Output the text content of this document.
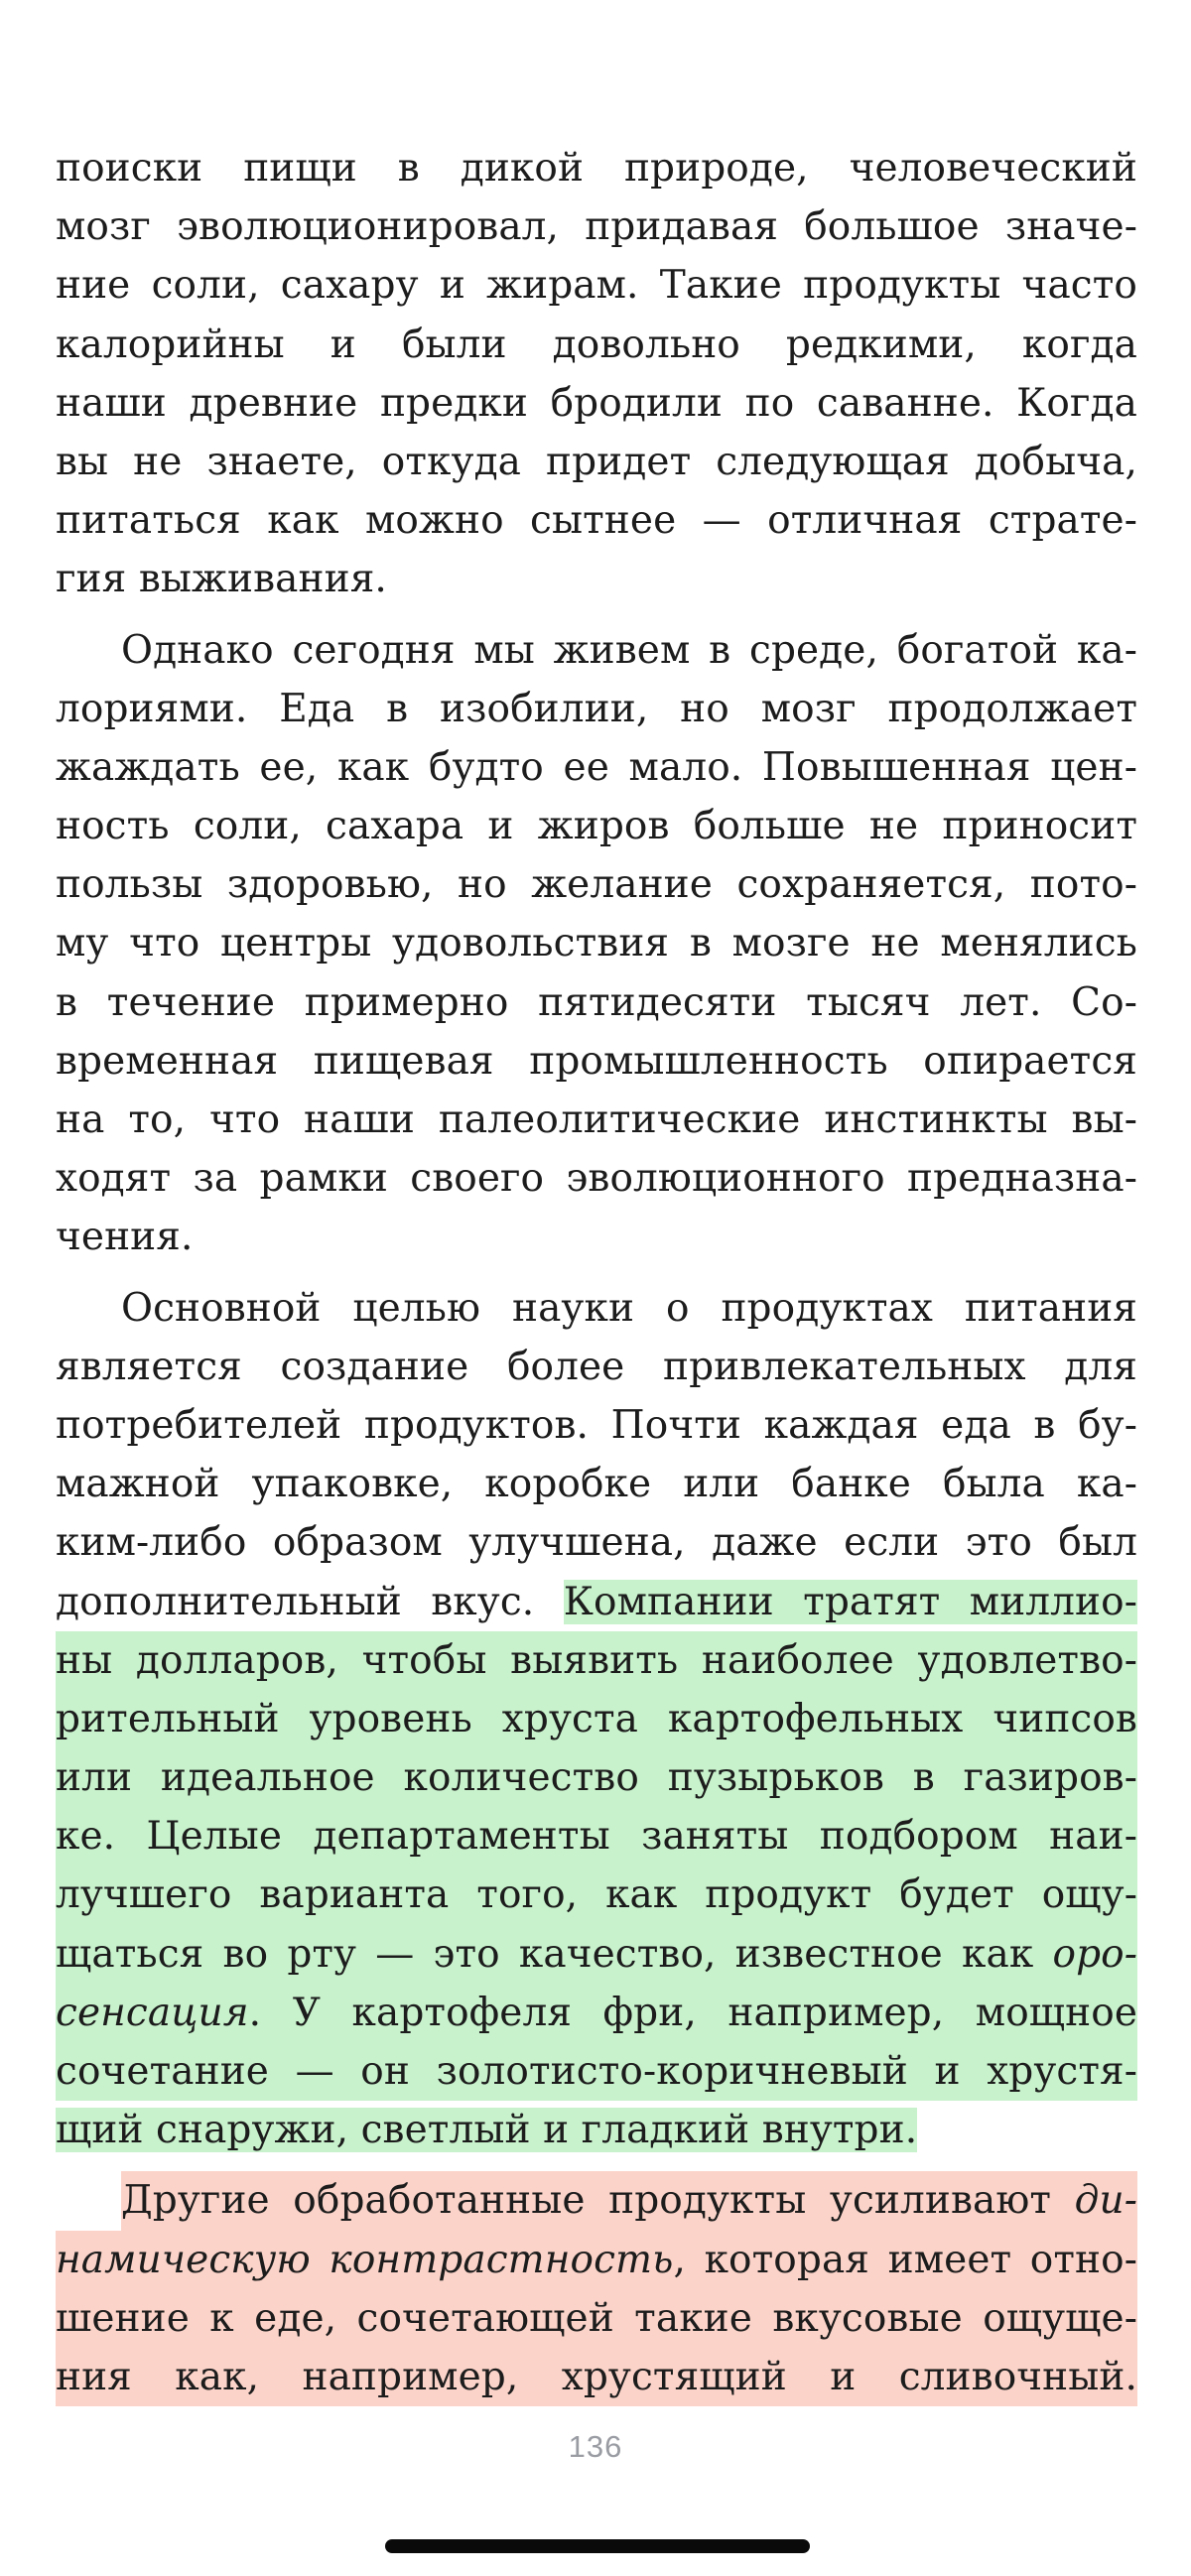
поиски пищи в дикой природе, человеческий
мозг эволюционировал, придавая большое значе-
ние соли, сахару и жирам. Такие продукты часто
калорийны и были довольно редкими, когда
наши древние предки бродили по саванне. Когда
вы не знаете, откуда придет следующая добыча,
питаться как можно сытнее — отличная страте-
гия выживания.
Однако сегодня мы живем в среде, богатой ка-
лориями. Еда в изобилии, но мозг продолжает
жаждать ее, как будто ее мало. Повышенная цен-
ность соли, сахара и жиров больше не приносит
пользы здоровью, но желание сохраняется, пото-
му что центры удовольствия в мозге не менялись
в течение примерно пятидесяти тысяч лет. Со-
временная пищевая промышленность опирается
на то, что наши палеолитические инстинкты вы-
ходят за рамки своего эволюционного предназна-
чения.
Основной целью науки о продуктах питания
является создание более привлекательных для
потребителей продуктов. Почти каждая еда в бу-
мажной упаковке, коробке или банке была ка-
ким-либо образом улучшена, даже если это был
дополнительный вкус. Компании тратят миллио-
ны долларов, чтобы выявить наиболее удовлетво-
рительный уровень хруста картофельных чипсов
или идеальное количество пузырьков в газиров-
ке. Целые департаменты заняты подбором наи-
лучшего варианта того, как продукт будет ощу-
щаться во рту — это качество, известное как оро-
сенсация. У картофеля фри, например, мощное
сочетание — он золотисто-коричневый и хрустя-
щий снаружи, светлый и гладкий внутри.
Другие обработанные продукты усиливают ди-
намическую контрастность, которая имеет отно-
шение к еде, сочетающей такие вкусовые ощуще-
ния как, например, хрустящий и сливочный.
136
